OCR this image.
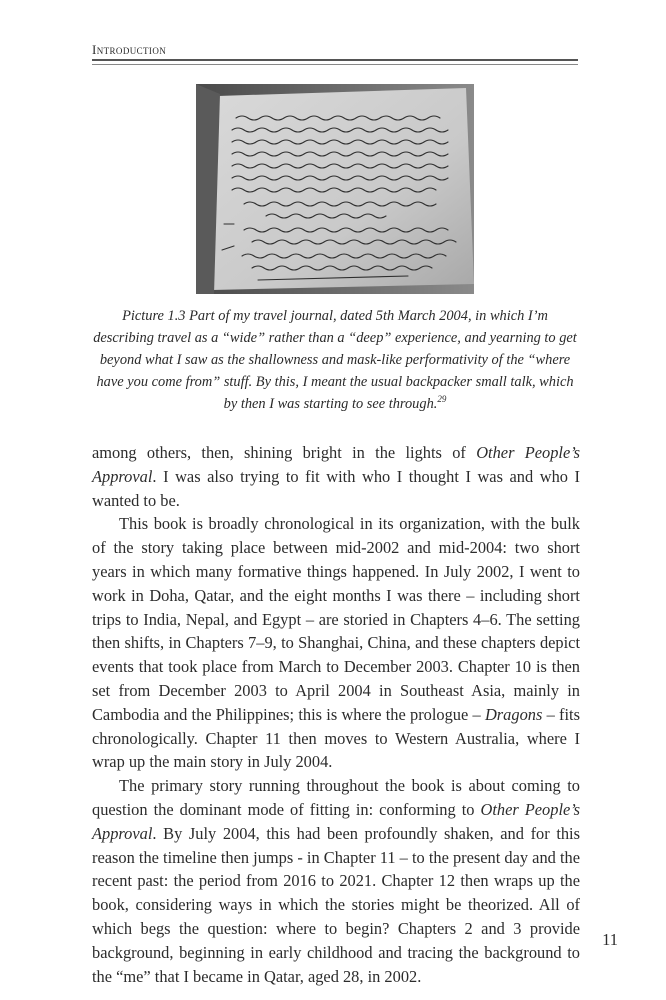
Introduction
Picture 1.3 Part of my travel journal, dated 5th March 2004, in which I’m describing travel as a “wide” rather than a “deep” experience, and yearning to get beyond what I saw as the shallowness and mask-like performativity of the “where have you come from” stuff. By this, I meant the usual backpacker small talk, which by then I was starting to see through.$^{29}$

among others, then, shining bright in the lights of Other People’s Approval. I was also trying to fit with who I thought I was and who I wanted to be.

This book is broadly chronological in its organization, with the bulk of the story taking place between mid-2002 and mid-2004: two short years in which many formative things happened. In July 2002, I went to work in Doha, Qatar, and the eight months I was there – including short trips to India, Nepal, and Egypt – are storied in Chapters 4–6. The setting then shifts, in Chapters 7–9, to Shanghai, China, and these chapters depict events that took place from March to December 2003. Chapter 10 is then set from December 2003 to April 2004 in Southeast Asia, mainly in Cambodia and the Philippines; this is where the prologue – Dragons – fits chronologically. Chapter 11 then moves to Western Australia, where I wrap up the main story in July 2004.

The primary story running throughout the book is about coming to question the dominant mode of fitting in: conforming to Other People’s Approval. By July 2004, this had been profoundly shaken, and for this reason the timeline then jumps - in Chapter 11 – to the present day and the recent past: the period from 2016 to 2021. Chapter 12 then wraps up the book, considering ways in which the stories might be theorized. All of which begs the question: where to begin? Chapters 2 and 3 provide background, beginning in early childhood and tracing the background to the “me” that I became in Qatar, aged 28, in 2002.

11
